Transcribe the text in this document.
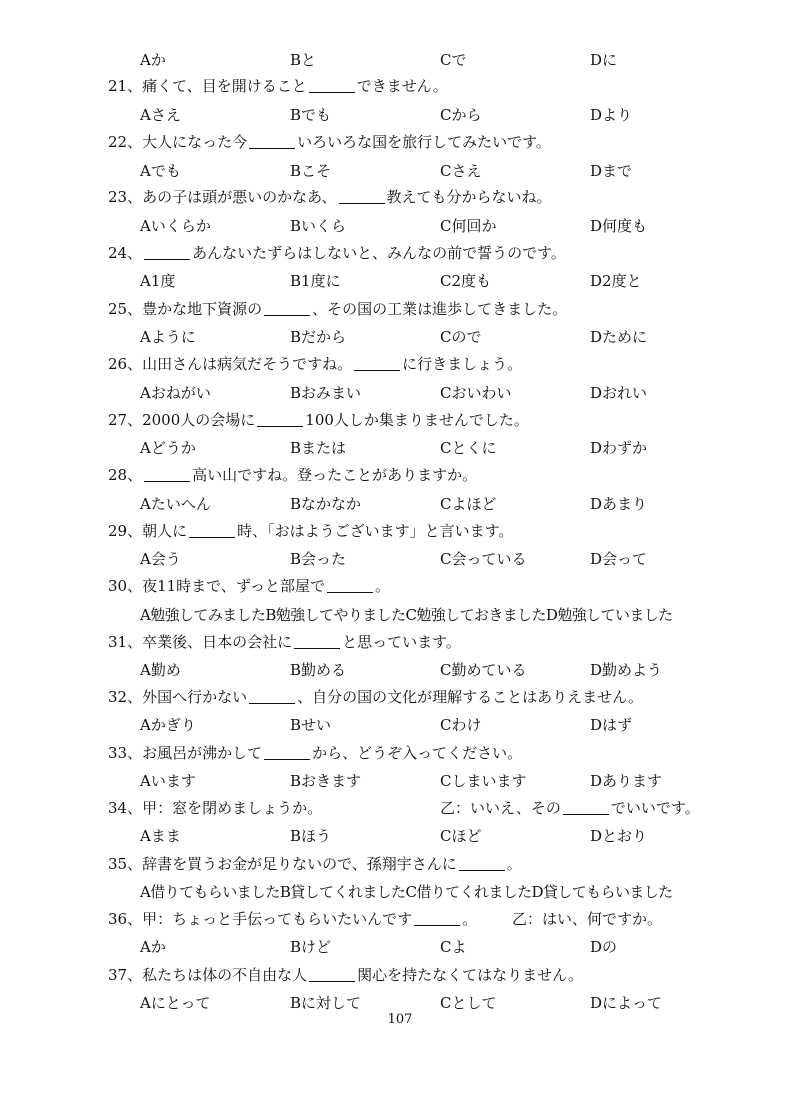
Aか	Bと	Cで	Dに
21、痛くて、目を開けること	できません。
Aさえ	Bでも	Cから	Dより
22、大人になった今	いろいろな国を旅行してみたいです。
Aでも	Bこそ	Cさえ	Dまで
23、あの子は頭が悪いのかなあ、	教えても分からないね。
Aいくらか	Bいくら	C何回か	D何度も
24、	あんないたずらはしないと、みんなの前で誓うのです。
A1度	B1度に	C2度も	D2度と
25、豊かな地下資源の	、その国の工業は進歩してきました。
Aように	Bだから	Cので	Dために
26、山田さんは病気だそうですね。	に行きましょう。
Aおねがい	Bおみまい	Cおいわい	Dおれい
27、2000人の会場に	100人しか集まりませんでした。
Aどうか	Bまたは	Cとくに	Dわずか
28、	高い山ですね。登ったことがありますか。
Aたいへん	Bなかなか	Cよほど	Dあまり
29、朝人に	時、「おはようございます」と言います。
A会う	B会った	C会っている	D会って
30、夜11時まで、ずっと部屋で	。
A勉強してみましたB勉強してやりましたC勉強しておきましたD勉強していました
31、卒業後、日本の会社に	と思っています。
A勤め	B勤める	C勤めている	D勤めよう
32、外国へ行かない	、自分の国の文化が理解することはありえません。
Aかぎり	Bせい	Cわけ	Dはず
33、お風呂が沸かして	から、どうぞ入ってください。
Aいます	Bおきます	Cしまいます	Dあります
34、甲：窓を閉めましょうか。	乙：いいえ、その	でいいです。
Aまま	Bほう	Cほど	Dとおり
35、辞書を買うお金が足りないので、孫翔宇さんに	。
A借りてもらいましたB貸してくれましたC借りてくれましたD貸してもらいました
36、甲：ちょっと手伝ってもらいたいんです	。 乙：はい、何ですか。
Aか	Bけど	Cよ	Dの
37、私たちは体の不自由な人	関心を持たなくてはなりません。
Aにとって	Bに対して	Cとして	Dによって
107
